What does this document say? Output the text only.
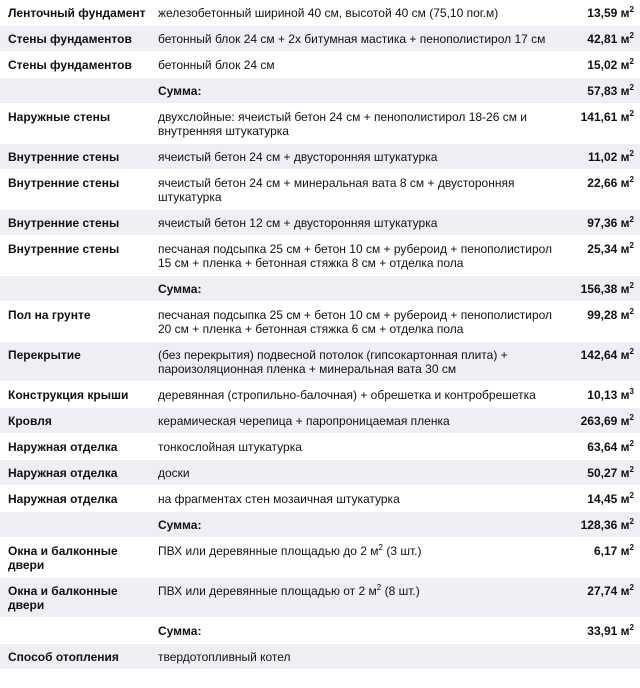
Ленточный фундамент	железобетонный шириной 40 см, высотой 40 см (75,10 пог.м)	13,59 $м^2$
Стены фундаментов	бетонный блок 24 см + 2x битумная мастика + пенополистирол 17 см	42,81 $м^2$
Стены фундаментов	бетонный блок 24 см	15,02 $м^2$
	Сумма:	57,83 $м^2$
Наружные стены	двухслойные: ячеистый бетон 24 см + пенополистирол 18-26 см и внутренняя штукатурка	141,61 $м^2$
Внутренние стены	ячеистый бетон 24 см + двусторонняя штукатурка	11,02 $м^2$
Внутренние стены	ячеистый бетон 24 см + минеральная вата 8 см + двусторонняя штукатурка	22,66 $м^2$
Внутренние стены	ячеистый бетон 12 см + двусторонняя штукатурка	97,36 $м^2$
Внутренние стены	песчаная подсыпка 25 см + бетон 10 см + рубероид + пенополистирол 15 см + пленка + бетонная стяжка 8 см + отделка пола	25,34 $м^2$
	Сумма:	156,38 $м^2$
Пол на грунте	песчаная подсыпка 25 см + бетон 10 см + рубероид + пенополистирол 20 см + пленка + бетонная стяжка 6 см + отделка пола	99,28 $м^2$
Перекрытие	(без перекрытия) подвесной потолок (гипсокартонная плита) + пароизоляционная пленка + минеральная вата 30 см	142,64 $м^2$
Конструкция крыши	деревянная (стропильно-балочная) + обрешетка и контробрешетка	10,13 $м^3$
Кровля	керамическая черепица + паропроницаемая пленка	263,69 $м^2$
Наружная отделка	тонкослойная штукатурка	63,64 $м^2$
Наружная отделка	доски	50,27 $м^2$
Наружная отделка	на фрагментах стен мозаичная штукатурка	14,45 $м^2$
	Сумма:	128,36 $м^2$
Окна и балконные двери	ПВХ или деревянные площадью до 2 $м^2$ (3 шт.)	6,17 $м^2$
Окна и балконные двери	ПВХ или деревянные площадью от 2 $м^2$ (8 шт.)	27,74 $м^2$
	Сумма:	33,91 $м^2$
Способ отопления	твердотопливный котел	
